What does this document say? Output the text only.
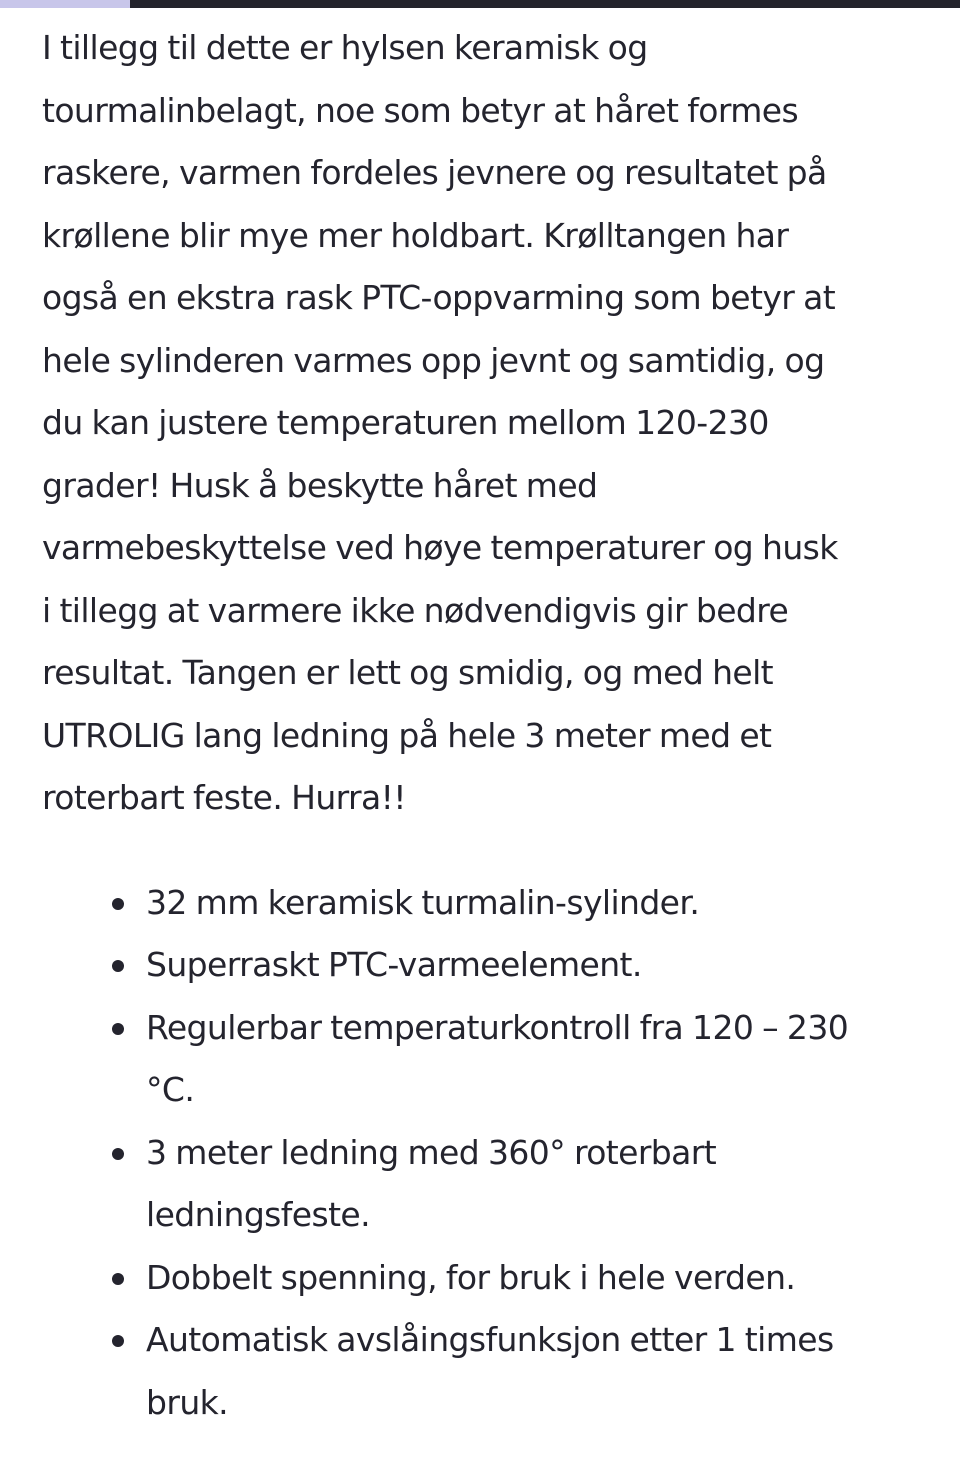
I tillegg til dette er hylsen keramisk og
tourmalinbelagt, noe som betyr at håret formes
raskere, varmen fordeles jevnere og resultatet på
krøllene blir mye mer holdbart. Krølltangen har
også en ekstra rask PTC-oppvarming som betyr at
hele sylinderen varmes opp jevnt og samtidig, og
du kan justere temperaturen mellom 120-230
grader! Husk å beskytte håret med
varmebeskyttelse ved høye temperaturer og husk
i tillegg at varmere ikke nødvendigvis gir bedre
resultat. Tangen er lett og smidig, og med helt
UTROLIG lang ledning på hele 3 meter med et
roterbart feste. Hurra!!

32 mm keramisk turmalin-sylinder.
Superraskt PTC-varmeelement.
Regulerbar temperaturkontroll fra 120 – 230
°C.
3 meter ledning med 360° roterbart
ledningsfeste.
Dobbelt spenning, for bruk i hele verden.
Automatisk avslåingsfunksjon etter 1 times
bruk.
